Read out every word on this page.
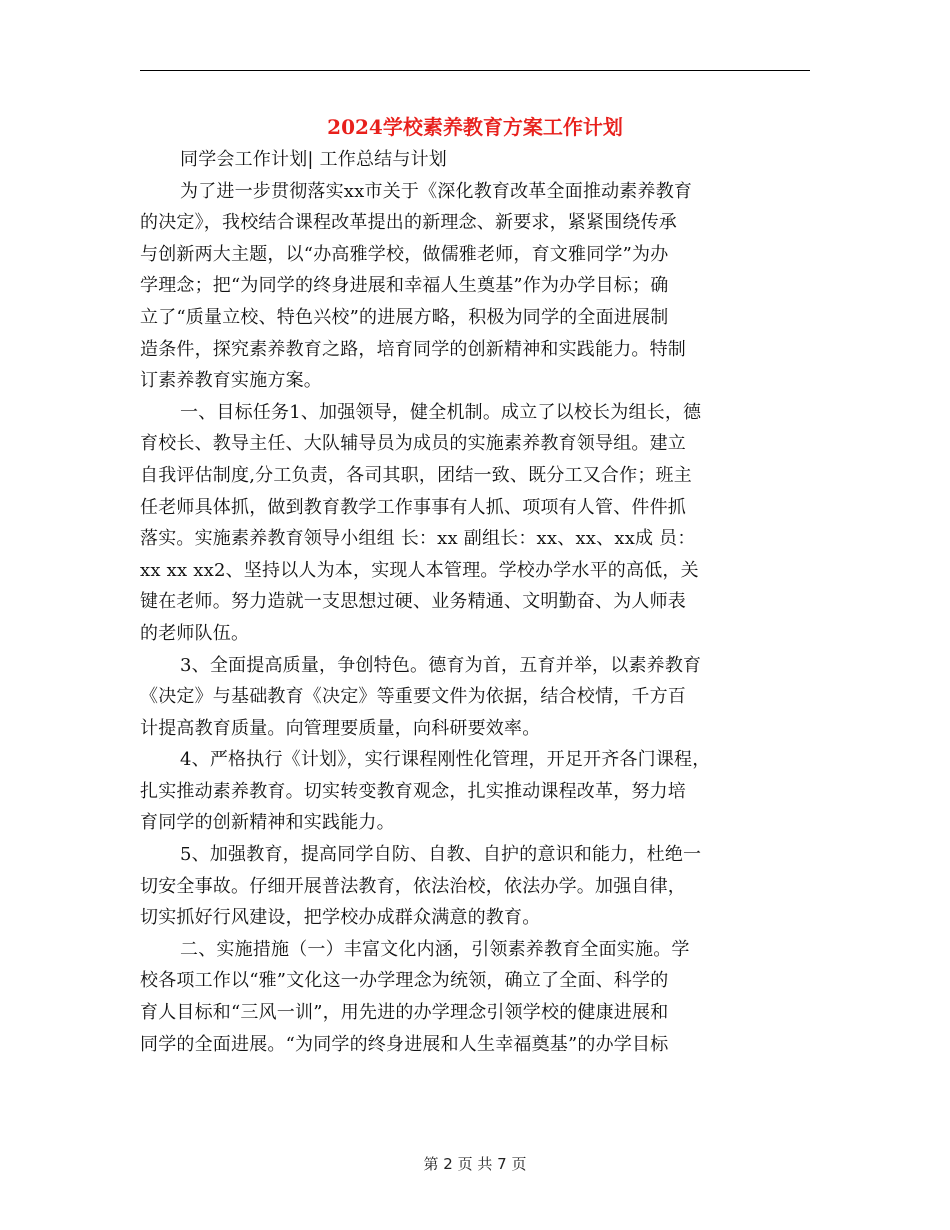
2024学校素养教育方案工作计划

同学会工作计划| 工作总结与计划

为了进一步贯彻落实xx市关于《深化教育改革全面推动素养教育
的决定》，我校结合课程改革提出的新理念、新要求，紧紧围绕传承
与创新两大主题，以“办高雅学校，做儒雅老师，育文雅同学”为办
学理念；把“为同学的终身进展和幸福人生奠基”作为办学目标；确
立了“质量立校、特色兴校”的进展方略，积极为同学的全面进展制
造条件，探究素养教育之路，培育同学的创新精神和实践能力。特制
订素养教育实施方案。

一、目标任务1、加强领导，健全机制。成立了以校长为组长，德
育校长、教导主任、大队辅导员为成员的实施素养教育领导组。建立
自我评估制度,分工负责，各司其职，团结一致、既分工又合作；班主
任老师具体抓，做到教育教学工作事事有人抓、项项有人管、件件抓
落实。实施素养教育领导小组组 长：xx 副组长：xx、xx、xx成 员：
xx xx xx2、坚持以人为本，实现人本管理。学校办学水平的高低，关
键在老师。努力造就一支思想过硬、业务精通、文明勤奋、为人师表
的老师队伍。

3、全面提高质量，争创特色。德育为首，五育并举，以素养教育
《决定》与基础教育《决定》等重要文件为依据，结合校情，千方百
计提高教育质量。向管理要质量，向科研要效率。

4、严格执行《计划》，实行课程刚性化管理，开足开齐各门课程，
扎实推动素养教育。切实转变教育观念，扎实推动课程改革，努力培
育同学的创新精神和实践能力。

5、加强教育，提高同学自防、自教、自护的意识和能力，杜绝一
切安全事故。仔细开展普法教育，依法治校，依法办学。加强自律，
切实抓好行风建设，把学校办成群众满意的教育。

二、实施措施（一）丰富文化内涵，引领素养教育全面实施。学
校各项工作以“雅”文化这一办学理念为统领，确立了全面、科学的
育人目标和“三风一训”，用先进的办学理念引领学校的健康进展和
同学的全面进展。“为同学的终身进展和人生幸福奠基”的办学目标

第 2 页 共 7 页
